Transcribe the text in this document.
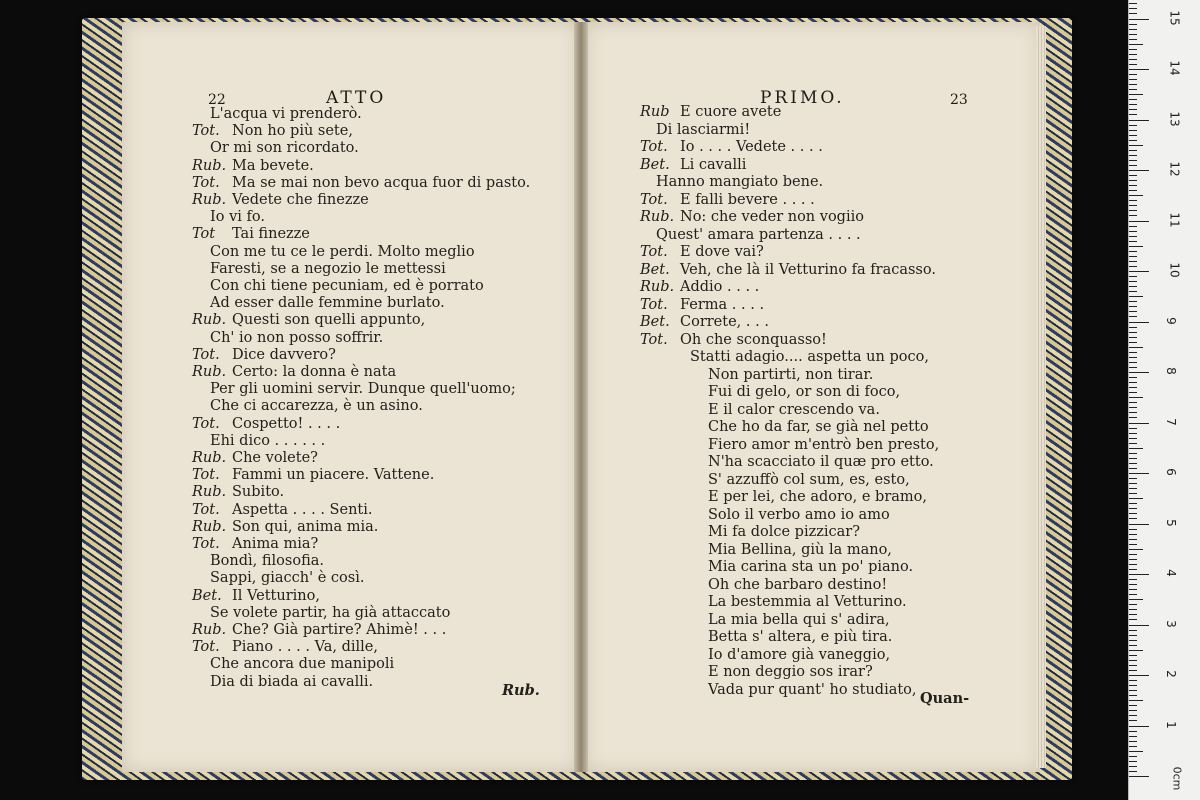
L'acqua vi prenderò.
Tot. Non ho più sete,
Or mi son ricordato.
Rub. Ma bevete.
Tot. Ma se mai non bevo acqua fuor di pasto.
Rub. Vedete che finezze
Io vi fo.
Tot Tai finezze
Con me tu ce le perdi. Molto meglio
Faresti, se a negozio le mettessi
Con chi tiene pecuniam, ed è porrato
Ad esser dalle femmine burlato.
Rub. Questi son quelli appunto,
Ch' io non posso soffrir.
Tot. Dice davvero?
Rub. Certo: la donna è nata
Per gli uomini servir. Dunque quell'uomo;
Che ci accarezza, è un asino.
Tot. Cospetto! . . . .
Ehi dico . . . . . .
Rub. Che volete?
Tot. Fammi un piacere. Vattene.
Rub. Subito.
Tot. Aspetta . . . . Senti.
Rub. Son qui, anima mia.
Tot. Anima mia?
Bondì, filosofia.
Sappi, giacch' è così.
Bet. Il Vetturino,
Se volete partir, ha già attaccato
Rub. Che? Già partire? Ahimè! . . .
Tot. Piano . . . . Va, dille,
Che ancora due manipoli
Dia di biada ai cavalli.
Rub E cuore avete
Di lasciarmi!
Tot. Io . . . . Vedete . . . .
Bet. Li cavalli
Hanno mangiato bene.
Tot. E falli bevere . . . .
Rub. No: che veder non vogiio
Quest' amara partenza . . . .
Tot. E dove vai?
Bet. Veh, che là il Vetturino fa fracasso.
Rub. Addio . . . .
Tot. Ferma . . . .
Bet. Correte, . . .
Tot. Oh che sconquasso!
Statti adagio.... aspetta un poco,
Non partirti, non tirar.
Fui di gelo, or son di foco,
E il calor crescendo va.
Che ho da far, se già nel petto
Fiero amor m'entrò ben presto,
N'ha scacciato il quæ pro etto.
S' azzuffò col sum, es, esto,
E per lei, che adoro, e bramo,
Solo il verbo amo io amo
Mi fa dolce pizzicar?
Mia Bellina, giù la mano,
Mia carina sta un po' piano.
Oh che barbaro destino!
La bestemmia al Vetturino.
La mia bella qui s' adira,
Betta s' altera, e più tira.
Io d'amore già vaneggio,
E non deggio sos irar?
Vada pur quant' ho studiato,
22	ATTO	PRIMO.	23
Rub.	Quan-
1
2
3
4
5
6
7
8
9
10
11
12
13
14
15
0cm
